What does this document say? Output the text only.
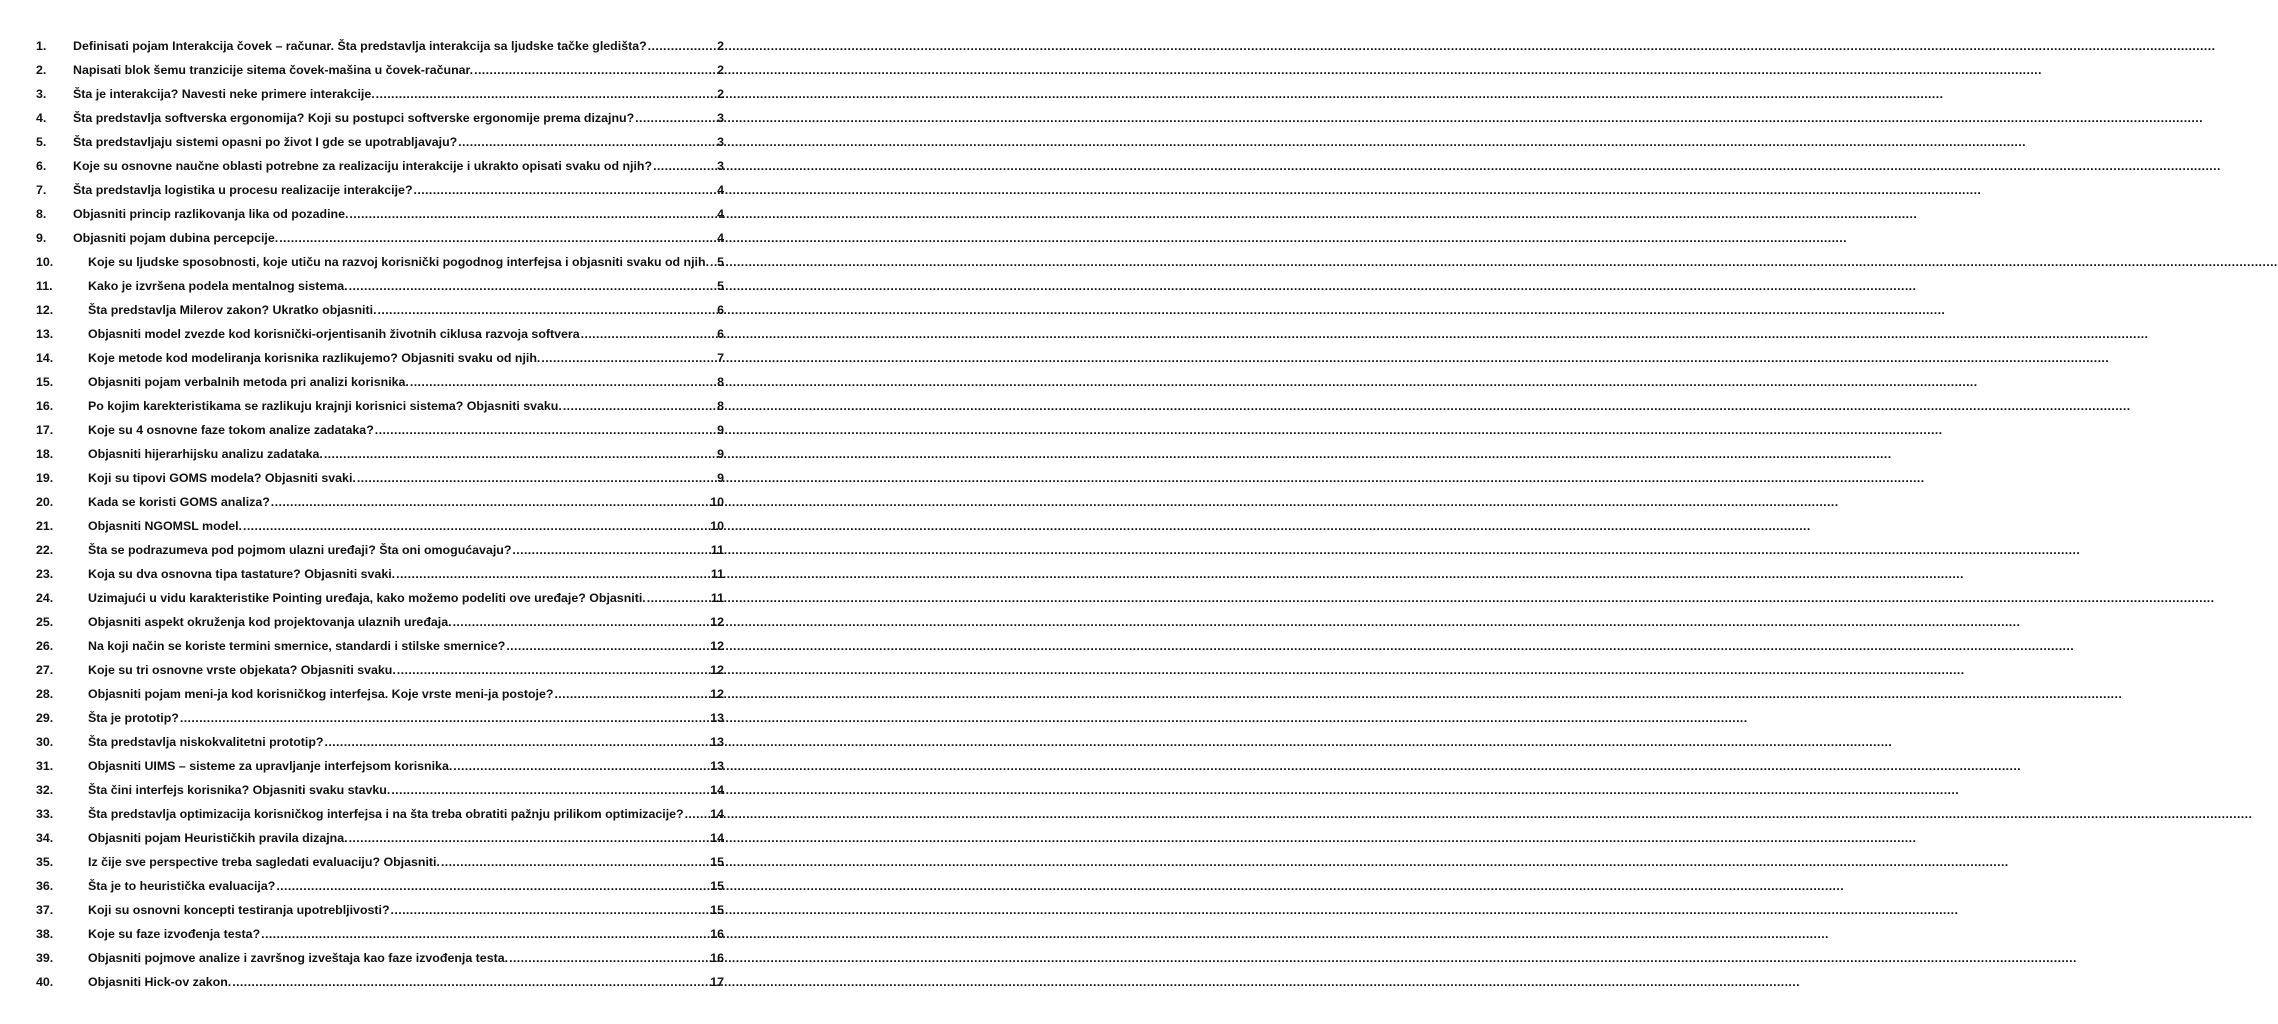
1.	Definisati pojam Interakcija čovek – računar. Šta predstavlja interakcija sa ljudske tačke gledišta? .....	2
2.	Napisati blok šemu tranzicije sitema čovek-mašina u čovek-računar. .....	2
3.	Šta je interakcija? Navesti neke primere interakcije. .....	2
4.	Šta predstavlja softverska ergonomija? Koji su postupci softverske ergonomije prema dizajnu? .....	3
5.	Šta predstavljaju sistemi opasni po život I gde se upotrabljavaju? .....	3
6.	Koje su osnovne naučne oblasti potrebne za realizaciju interakcije i ukrakto opisati svaku od njih? .....	3
7.	Šta predstavlja logistika u procesu realizacije interakcije? .....	4
8.	Objasniti princip razlikovanja lika od pozadine. .....	4
9.	Objasniti pojam dubina percepcije. .....	4
10.	Koje su ljudske sposobnosti, koje utiču na razvoj korisnički pogodnog interfejsa i objasniti svaku od njih. ..... 5
11.	Kako je izvršena podela mentalnog sistema. .....	5
12.	Šta predstavlja Milerov zakon? Ukratko objasniti. .....	6
13.	Objasniti model zvezde kod korisnički-orjentisanih životnih ciklusa razvoja softvera .....	6
14.	Koje metode kod modeliranja korisnika razlikujemo? Objasniti svaku od njih. .....	7
15.	Objasniti pojam verbalnih metoda pri analizi korisnika. .....	8
16.	Po kojim karekteristikama se razlikuju krajnji korisnici sistema? Objasniti svaku. .....	8
17.	Koje su 4 osnovne faze tokom analize zadataka? .....	9
18.	Objasniti hijerarhijsku analizu zadataka. .....	9
19.	Koji su tipovi GOMS modela? Objasniti svaki. .....	9
20.	Kada se koristi GOMS analiza? .....	10
21.	Objasniti NGOMSL model. .....	10
22.	Šta se podrazumeva pod pojmom ulazni uređaji? Šta oni omogućavaju? .....	11
23.	Koja su dva osnovna tipa tastature? Objasniti svaki. .....	11
24.	Uzimajući u vidu karakteristike Pointing uređaja, kako možemo podeliti ove uređaje? Objasniti. .....	11
25.	Objasniti aspekt okruženja kod projektovanja ulaznih uređaja. .....	12
26.	Na koji način se koriste termini smernice, standardi i stilske smernice? .....	12
27.	Koje su tri osnovne vrste objekata? Objasniti svaku. .....	12
28.	Objasniti pojam meni-ja kod korisničkog interfejsa. Koje vrste meni-ja postoje? .....	12
29.	Šta je prototip? .....	13
30.	Šta predstavlja niskokvalitetni prototip? .....	13
31.	Objasniti UIMS – sisteme za upravljanje interfejsom korisnika. .....	13
32.	Šta čini interfejs korisnika? Objasniti svaku stavku. .....	14
33.	Šta predstavlja optimizacija korisničkog interfejsa i na šta treba obratiti pažnju prilikom optimizacije? ..... 14
34.	Objasniti pojam Heurističkih pravila dizajna. .....	14
35.	Iz čije sve perspective treba sagledati evaluaciju? Objasniti. .....	15
36.	Šta je to heuristička evaluacija? .....	15
37.	Koji su osnovni koncepti testiranja upotrebljivosti? .....	15
38.	Koje su faze izvođenja testa? .....	16
39.	Objasniti pojmove analize i završnog izveštaja kao faze izvođenja testa. .....	16
40.	Objasniti Hick-ov zakon. .....	17
